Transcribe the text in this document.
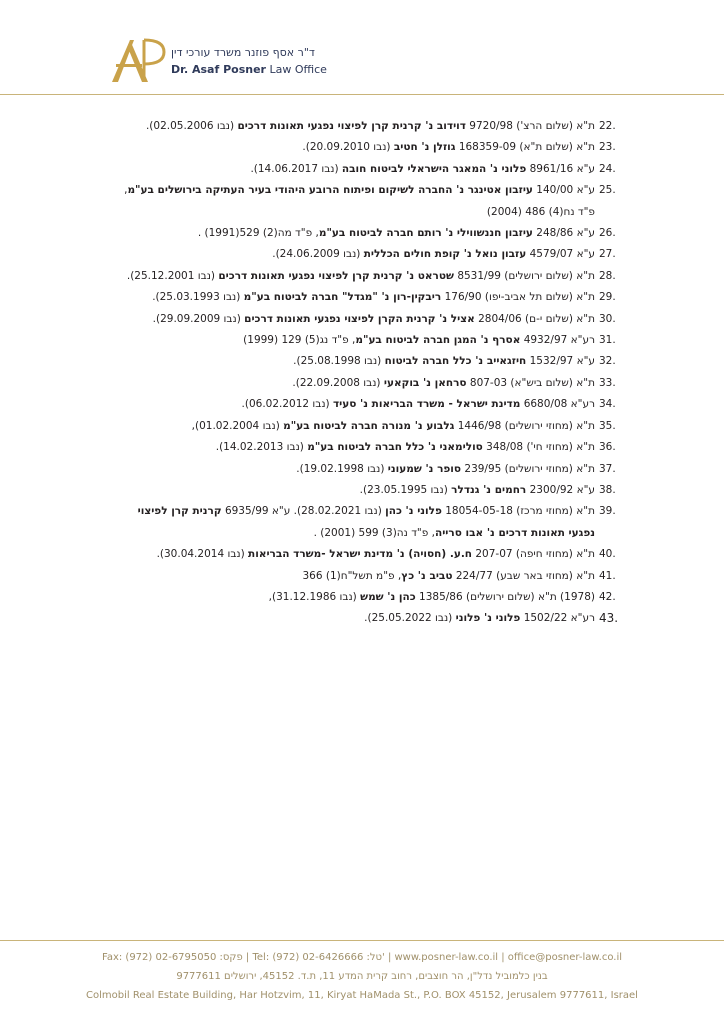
ד"ר אסף פוזנר משרד עורכי דין
Dr. Asaf Posner Law Office
22.
ת"א (שלום הרצ') 9720/98 דוידוב נ' קרנית קרן לפיצוי נפגעי תאונות דרכים (נבו 02.05.2006).
23.
ת"א (שלום ת"א) 168359-09 גוזלן נ' חטיב (נבו 20.09.2010).
24.
ע"א 8961/16 פלוני נ' המאגר הישראלי לביטוח חובה (נבו 14.06.2017).
25.
ע"א 140/00 עיזבון אטינגר נ' החברה לשיקום ופיתוח הרובע היהודי בעיר העתיקה בירושלים בע"מ, פ"ד נח(4) 486 (2004)
26.
ע"א 248/86 עיזבון חננשווילי נ' רותם חברה לביטוח בע"מ, פ"ד מה(2) 529(1991) .
27.
ע"א 4579/07 עזבון נואל נ' קופת חולים הכללית (נבו 24.06.2009).
28.
ת"א (שלום ירושלים) 8531/99 שטראט נ' קרנית קרן לפיצוי נפגעי תאונות דרכים (נבו 25.12.2001).
29.
ת"א (שלום תל אביב-יפו) 176/90 ריבקין-רון נ' "מגדל" חברה לביטוח בע"מ (נבו 25.03.1993).
30.
ת"א (שלום י-ם) 2804/06 אציל נ' קרנית הקרן לפיצוי נפגעי תאונות דרכים (נבו 29.09.2009).
31.
רע"א 4932/97 אסרף נ' המגן חברה לביטוח בע"מ, פ"ד נג(5) 129 (1999)
32.
ע"א 1532/97 חיזגאייב נ' כלל חברה לביטוח (נבו 25.08.1998).
33.
ת"א (שלום ביש"א) 807-03 סרחאן נ' בוקאעי (נבו 22.09.2008).
34.
רע"א 6680/08 מדינת ישראל - משרד הבריאות נ' סעיד (נבו 06.02.2012).
35.
ת"א (מחוזי ירושלים) 1446/98 גלבוע נ' מנורה חברה לביטוח בע"מ (נבו 01.02.2004),
36.
ת"א (מחוזי חי') 348/08 סולימאני נ' כלל חברה לביטוח בע"מ (נבו 14.02.2013).
37.
ת"א (מחוזי ירושלים) 239/95 סופר נ' שמעוני (נבו 19.02.1998).
38.
ע"א 2300/92 רחמים נ' גנדלר (נבו 23.05.1995).
39.
ת"א (מחוזי מרכז) 18054-05-18 פלוני נ' כהן (נבו 28.02.2021). ע"א 6935/99 קרנית קרן לפיצוי נפגעי תאונות דרכים נ' אבו סרייה, פ"ד נה(3) 599 (2001) .
40.
ת"א (מחוזי חיפה) 207-07 ח.ע. (חסויה) נ' מדינת ישראל -משרד הבריאות (נבו 30.04.2014).
41.
ת"א (מחוזי באר שבע) 224/77 טביב נ' כץ, פ"מ תשל"ח(1) 366
42.
(1978) ת"א (שלום ירושלים) 1385/86 כהן נ' שמש (נבו 31.12.1986),
43.
רע"א 1502/22 פלוני נ' פלוני (נבו 25.05.2022).
Fax: (972) 02-6795050 :פקס | Tel: (972) 02-6426666 :טל' | www.posner-law.co.il | office@posner-law.co.il
בנין כלמוביל נדל"ן, הר חוצבים, רחוב קרית המדע 11, ת.ד. 45152, ירושלים 9777611
Colmobil Real Estate Building, Har Hotzvim, 11, Kiryat HaMada St., P.O. BOX 45152, Jerusalem 9777611, Israel
